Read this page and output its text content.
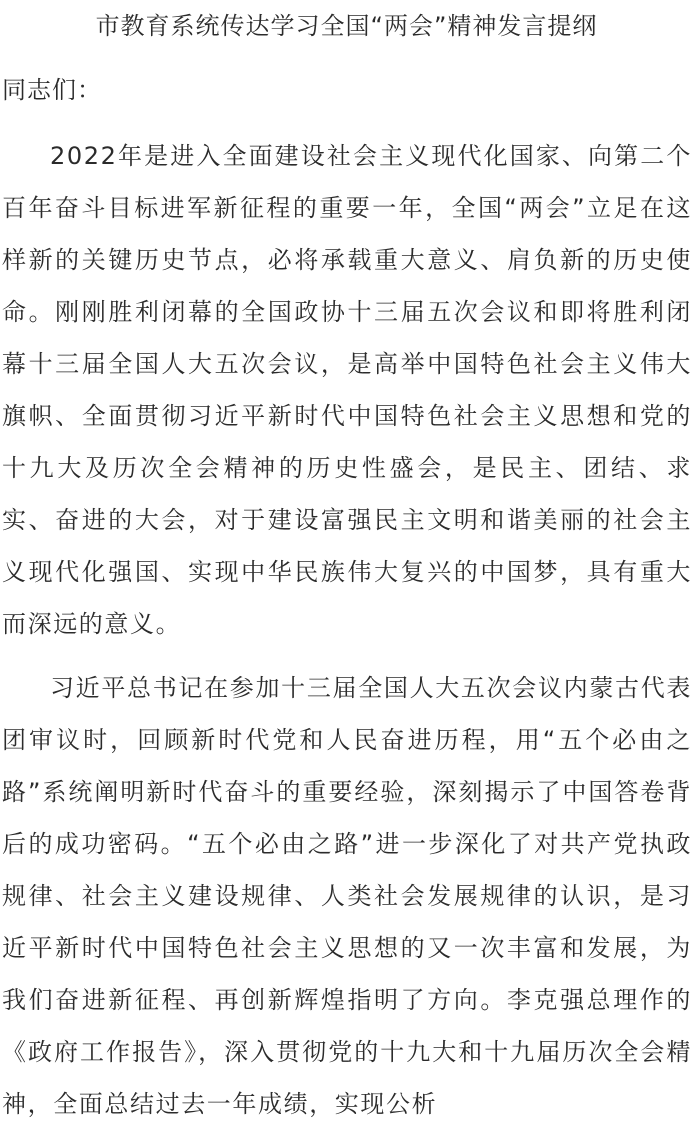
市教育系统传达学习全国“两会”精神发言提纲
同志们：

2022年是进入全面建设社会主义现代化国家、向第二个百年奋斗目标进军新征程的重要一年，全国“两会”立足在这样新的关键历史节点，必将承载重大意义、肩负新的历史使命。刚刚胜利闭幕的全国政协十三届五次会议和即将胜利闭幕十三届全国人大五次会议，是高举中国特色社会主义伟大旗帜、全面贯彻习近平新时代中国特色社会主义思想和党的十九大及历次全会精神的历史性盛会，是民主、团结、求实、奋进的大会，对于建设富强民主文明和谐美丽的社会主义现代化强国、实现中华民族伟大复兴的中国梦，具有重大而深远的意义。

习近平总书记在参加十三届全国人大五次会议内蒙古代表团审议时，回顾新时代党和人民奋进历程，用“五个必由之路”系统阐明新时代奋斗的重要经验，深刻揭示了中国答卷背后的成功密码。“五个必由之路”进一步深化了对共产党执政规律、社会主义建设规律、人类社会发展规律的认识，是习近平新时代中国特色社会主义思想的又一次丰富和发展，为我们奋进新征程、再创新辉煌指明了方向。李克强总理作的《政府工作报告》，深入贯彻党的十九大和十九届历次全会精神，全面总结过去一年成绩，实现公析
